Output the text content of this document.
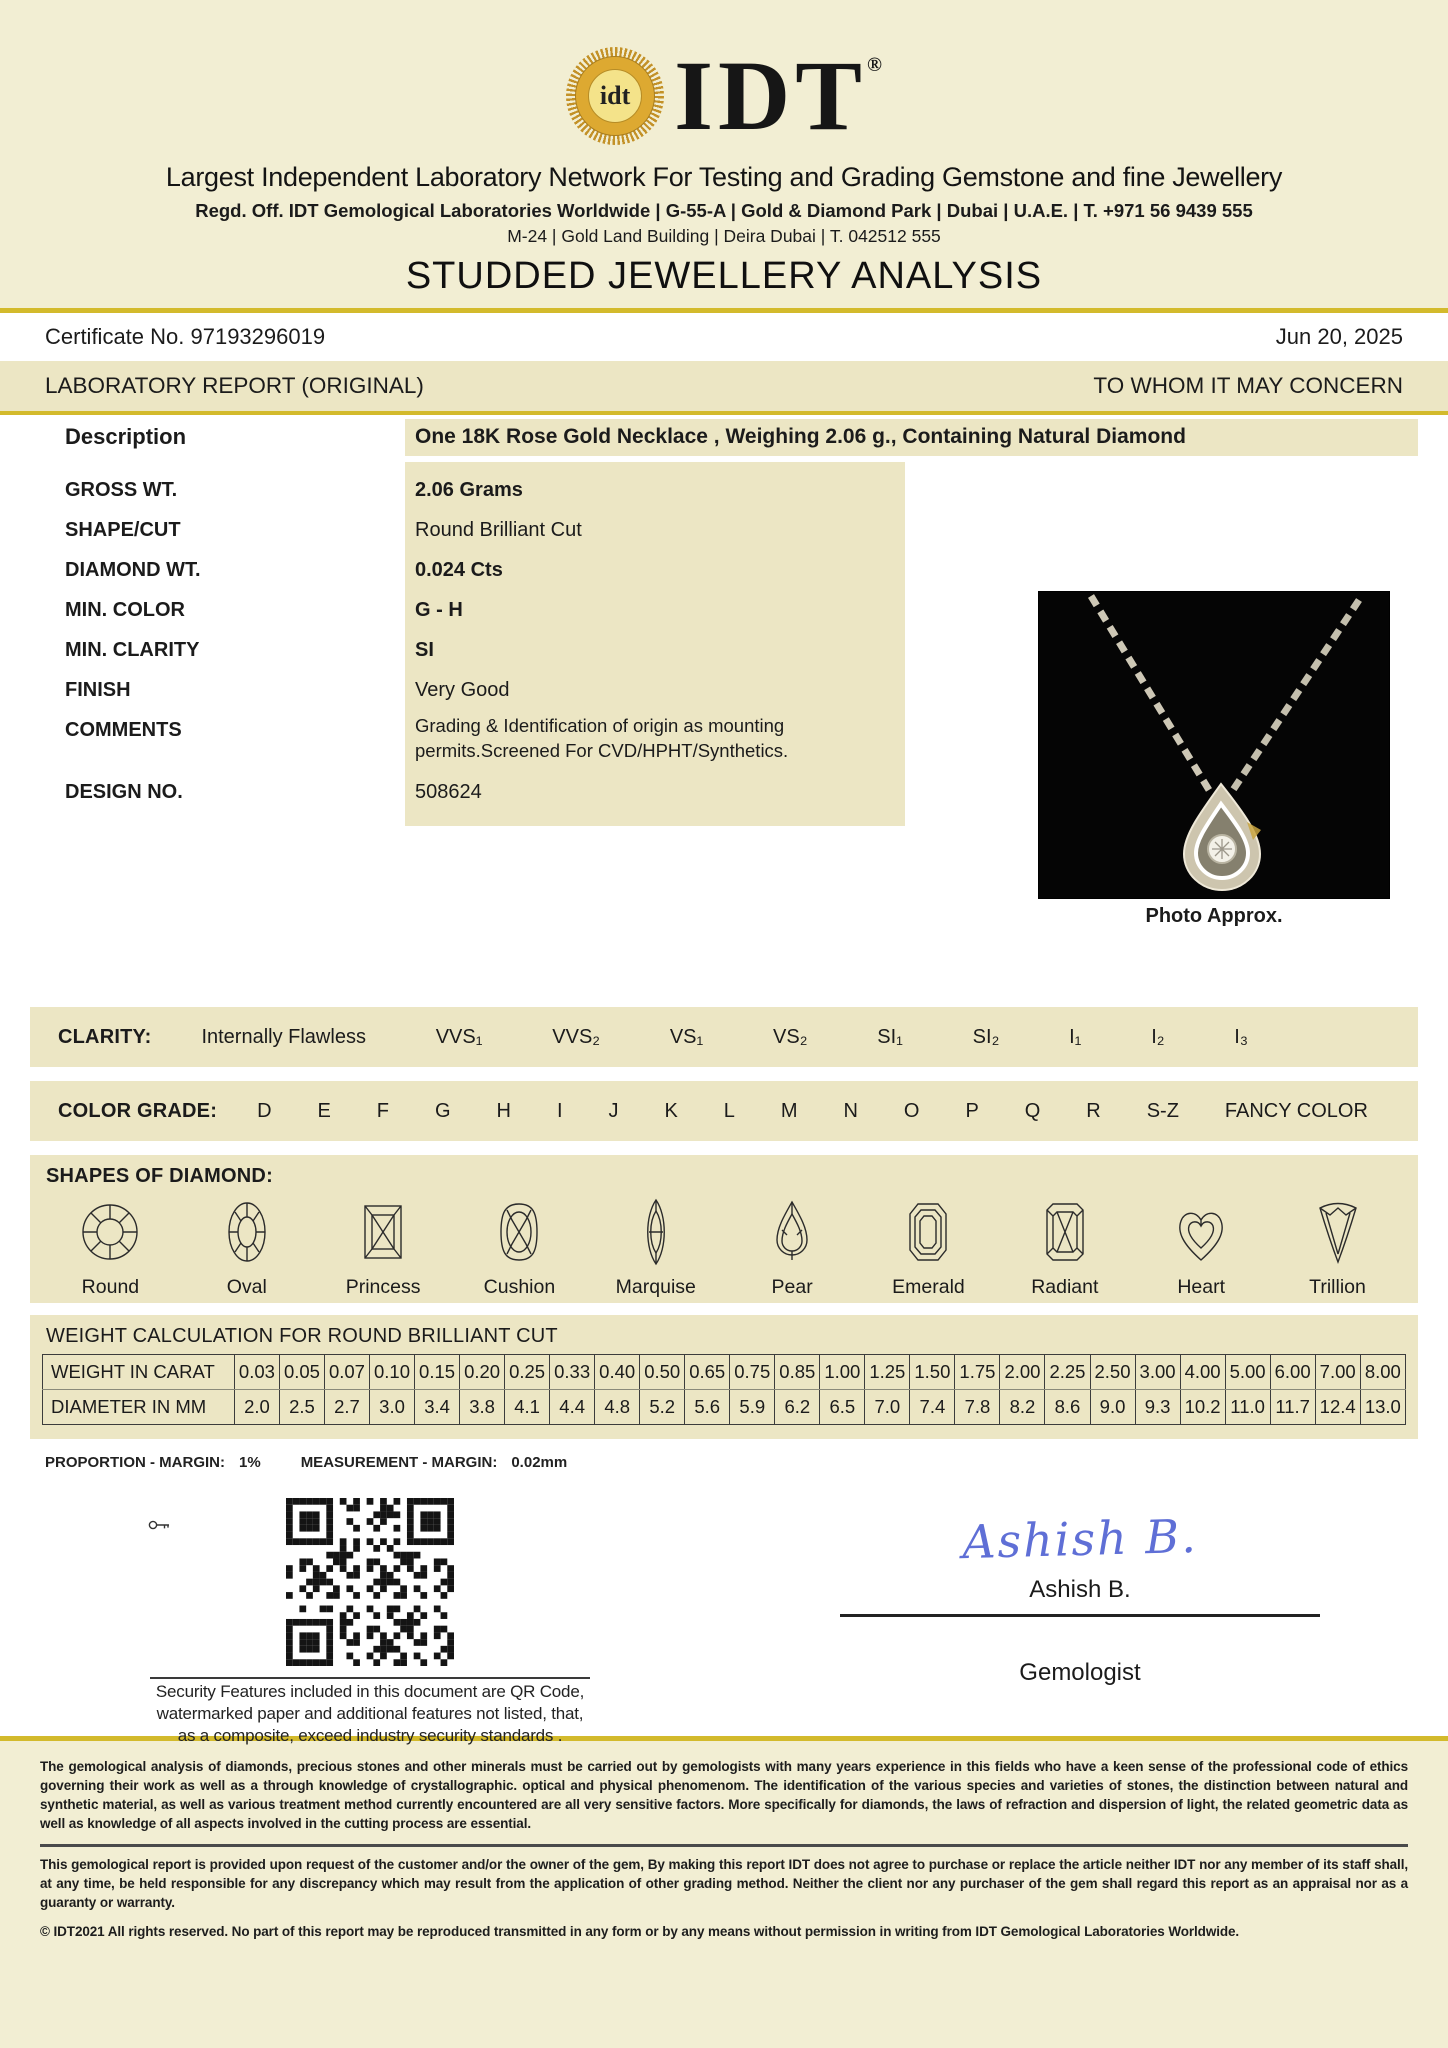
idt IDT®
Largest Independent Laboratory Network For Testing and Grading Gemstone and fine Jewellery
Regd. Off. IDT Gemological Laboratories Worldwide | G-55-A | Gold & Diamond Park | Dubai | U.A.E. | T. +971 56 9439 555
M-24 | Gold Land Building | Deira Dubai | T. 042512 555
STUDDED JEWELLERY ANALYSIS
Certificate No. 97193296019	Jun 20, 2025
LABORATORY REPORT (ORIGINAL)	TO WHOM IT MAY CONCERN
Description	One 18K Rose Gold Necklace , Weighing 2.06 g., Containing Natural Diamond
GROSS WT.	2.06 Grams
SHAPE/CUT	Round Brilliant Cut
DIAMOND WT.	0.024 Cts
MIN. COLOR	G - H
MIN. CLARITY	SI
FINISH	Very Good
COMMENTS	Grading & Identification of origin as mounting permits.Screened For CVD/HPHT/Synthetics.
DESIGN NO.	508624
Photo Approx.
CLARITY:	Internally Flawless	VVS₁	VVS₂	VS₁	VS₂	SI₁	SI₂	I₁	I₂	I₃
COLOR GRADE: D E F G H I J K L M N O P Q R S-Z FANCY COLOR
SHAPES OF DIAMOND:
Round	Oval	Princess	Cushion	Marquise	Pear	Emerald	Radiant	Heart	Trillion
WEIGHT CALCULATION FOR ROUND BRILLIANT CUT
WEIGHT IN CARAT	0.03	0.05	0.07	0.10	0.15	0.20	0.25	0.33	0.40	0.50	0.65	0.75	0.85	1.00	1.25	1.50	1.75	2.00	2.25	2.50	3.00	4.00	5.00	6.00	7.00	8.00
DIAMETER IN MM	2.0	2.5	2.7	3.0	3.4	3.8	4.1	4.4	4.8	5.2	5.6	5.9	6.2	6.5	7.0	7.4	7.8	8.2	8.6	9.0	9.3	10.2	11.0	11.7	12.4	13.0
PROPORTION - MARGIN: 1%	MEASUREMENT - MARGIN: 0.02mm
Security Features included in this document are QR Code, watermarked paper and additional features not listed, that, as a composite, exceed industry security standards .
Ashish B.
Ashish B.
Gemologist
The gemological analysis of diamonds, precious stones and other minerals must be carried out by gemologists with many years experience in this fields who have a keen sense of the professional code of ethics governing their work as well as a through knowledge of crystallographic. optical and physical phenomenom. The identification of the various species and varieties of stones, the distinction between natural and synthetic material, as well as various treatment method currently encountered are all very sensitive factors. More specifically for diamonds, the laws of refraction and dispersion of light, the related geometric data as well as knowledge of all aspects involved in the cutting process are essential.
This gemological report is provided upon request of the customer and/or the owner of the gem, By making this report IDT does not agree to purchase or replace the article neither IDT nor any member of its staff shall, at any time, be held responsible for any discrepancy which may result from the application of other grading method. Neither the client nor any purchaser of the gem shall regard this report as an appraisal nor as a guaranty or warranty.
© IDT2021 All rights reserved. No part of this report may be reproduced transmitted in any form or by any means without permission in writing from IDT Gemological Laboratories Worldwide.
